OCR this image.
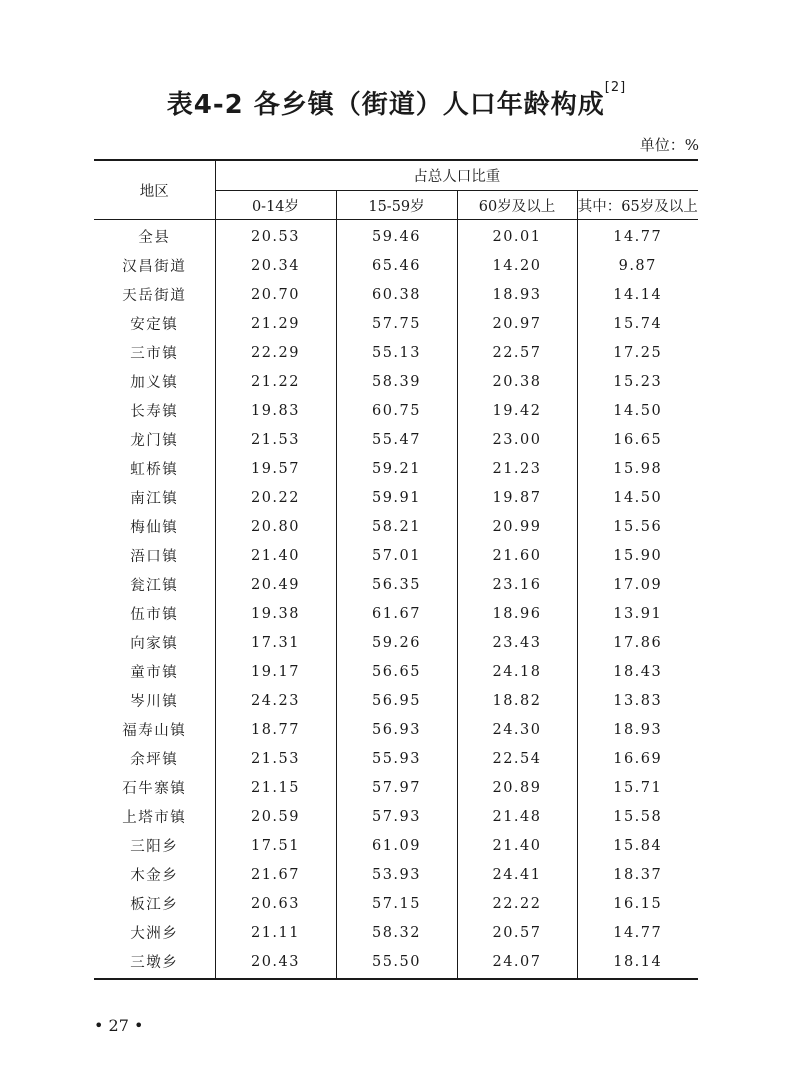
表4-2 各乡镇（街道）人口年龄构成[2]
单位：%
地区	占总人口比重			
	0-14岁	15-59岁	60岁及以上	其中：65岁及以上
全县	20.53	59.46	20.01	14.77
汉昌街道	20.34	65.46	14.20	9.87
天岳街道	20.70	60.38	18.93	14.14
安定镇	21.29	57.75	20.97	15.74
三市镇	22.29	55.13	22.57	17.25
加义镇	21.22	58.39	20.38	15.23
长寿镇	19.83	60.75	19.42	14.50
龙门镇	21.53	55.47	23.00	16.65
虹桥镇	19.57	59.21	21.23	15.98
南江镇	20.22	59.91	19.87	14.50
梅仙镇	20.80	58.21	20.99	15.56
浯口镇	21.40	57.01	21.60	15.90
瓮江镇	20.49	56.35	23.16	17.09
伍市镇	19.38	61.67	18.96	13.91
向家镇	17.31	59.26	23.43	17.86
童市镇	19.17	56.65	24.18	18.43
岑川镇	24.23	56.95	18.82	13.83
福寿山镇	18.77	56.93	24.30	18.93
余坪镇	21.53	55.93	22.54	16.69
石牛寨镇	21.15	57.97	20.89	15.71
上塔市镇	20.59	57.93	21.48	15.58
三阳乡	17.51	61.09	21.40	15.84
木金乡	21.67	53.93	24.41	18.37
板江乡	20.63	57.15	22.22	16.15
大洲乡	21.11	58.32	20.57	14.77
三墩乡	20.43	55.50	24.07	18.14
• 27 •
